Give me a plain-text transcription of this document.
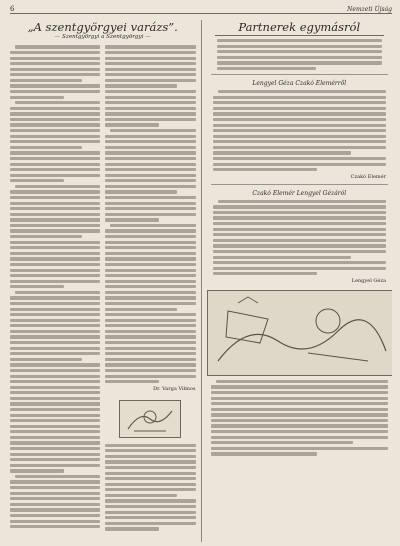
6	Nemzeti Újság
„A szentgyörgyei varázs”.
— Szentgyörgyi a Szentgyörgyi —
Dr. Varga Vilmos
Partnerek egymásról
Lengyel Géza Czakó Elemérről
Czakó Elemér
Czakó Elemér Lengyel Gézáról
Lengyel Géza
